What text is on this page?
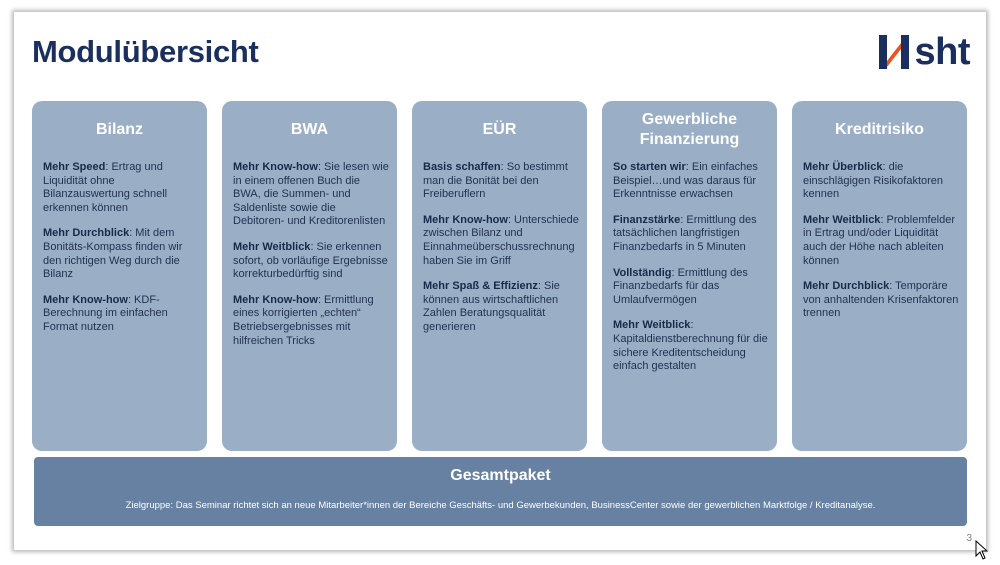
Modulübersicht	sht
Bilanz
Mehr Speed: Ertrag und Liquidität ohne Bilanzauswertung schnell erkennen können
Mehr Durchblick: Mit dem Bonitäts-Kompass finden wir den richtigen Weg durch die Bilanz
Mehr Know-how: KDF-Berechnung im einfachen Format nutzen
BWA
Mehr Know-how: Sie lesen wie in einem offenen Buch die BWA, die Summen- und Saldenliste sowie die Debitoren- und Kreditorenlisten
Mehr Weitblick: Sie erkennen sofort, ob vorläufige Ergebnisse korrekturbedürftig sind
Mehr Know-how: Ermittlung eines korrigierten „echten“ Betriebsergebnisses mit hilfreichen Tricks
EÜR
Basis schaffen: So bestimmt man die Bonität bei den Freiberuflern
Mehr Know-how: Unterschiede zwischen Bilanz und Einnahmeüberschussrechnung haben Sie im Griff
Mehr Spaß & Effizienz: Sie können aus wirtschaftlichen Zahlen Beratungsqualität generieren
Gewerbliche Finanzierung
So starten wir: Ein einfaches Beispiel…und was daraus für Erkenntnisse erwachsen
Finanzstärke: Ermittlung des tatsächlichen langfristigen Finanzbedarfs in 5 Minuten
Vollständig: Ermittlung des Finanzbedarfs für das Umlaufvermögen
Mehr Weitblick: Kapitaldienstberechnung für die sichere Kreditentscheidung einfach gestalten
Kreditrisiko
Mehr Überblick: die einschlägigen Risikofaktoren kennen
Mehr Weitblick: Problemfelder in Ertrag und/oder Liquidität auch der Höhe nach ableiten können
Mehr Durchblick: Temporäre von anhaltenden Krisenfaktoren trennen
Gesamtpaket
Zielgruppe: Das Seminar richtet sich an neue Mitarbeiter*innen der Bereiche Geschäfts- und Gewerbekunden, BusinessCenter sowie der gewerblichen Marktfolge / Kreditanalyse.
3
